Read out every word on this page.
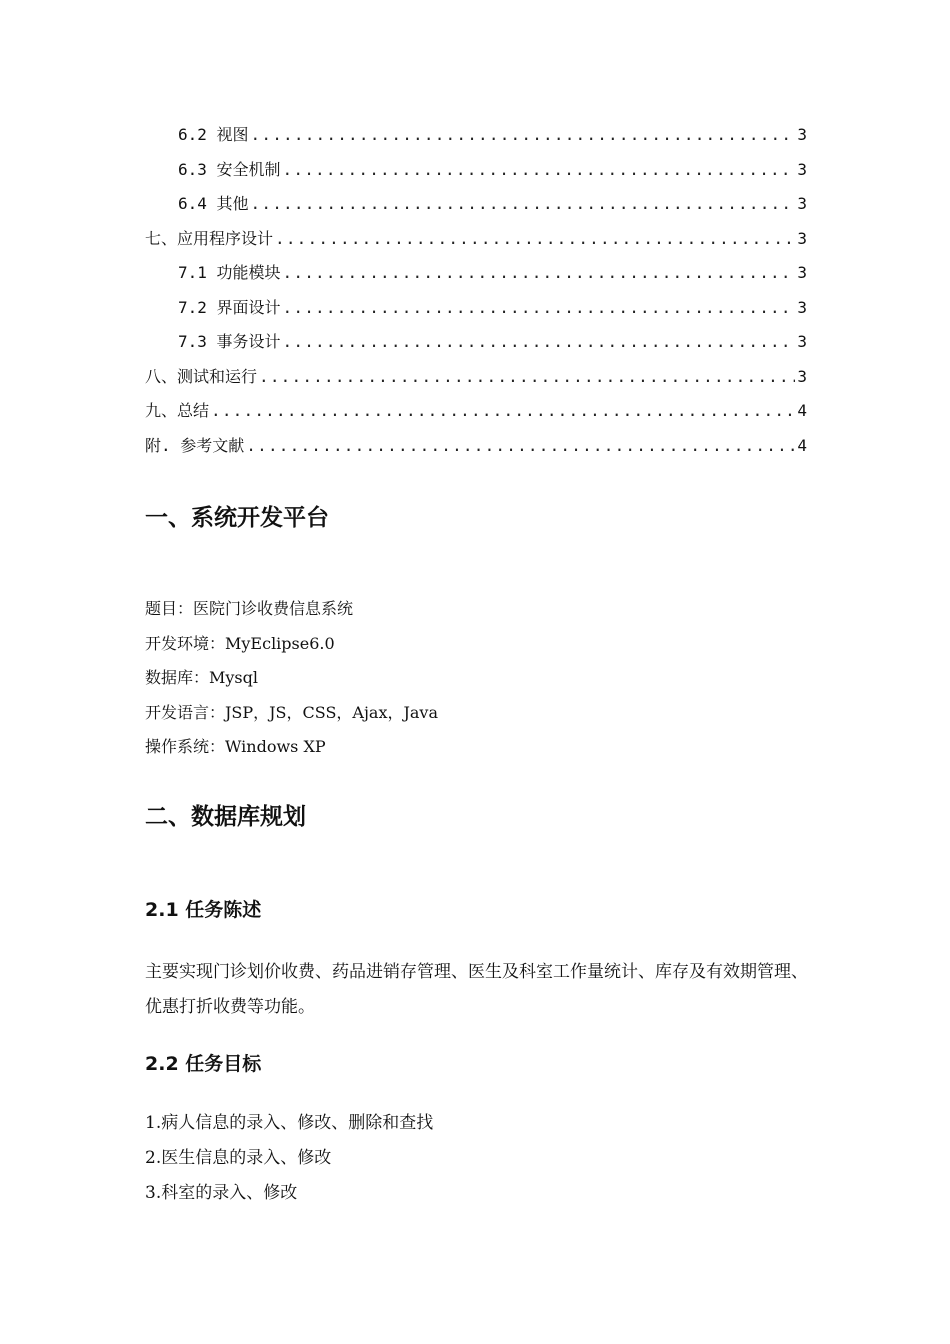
6.2 视图 .....	3
6.3 安全机制 .....	3
6.4 其他 .....	3
七、应用程序设计 .....	3
7.1 功能模块 .....	3
7.2 界面设计 .....	3
7.3 事务设计 .....	3
八、测试和运行 .....	3
九、总结 .....	4
附. 参考文献 .....	4
一、系统开发平台
题目：医院门诊收费信息系统
开发环境：MyEclipse6.0
数据库：Mysql
开发语言：JSP，JS，CSS，Ajax，Java
操作系统：Windows XP
二、数据库规划
2.1 任务陈述
主要实现门诊划价收费、药品进销存管理、医生及科室工作量统计、库存及有效期管理、优惠打折收费等功能。
2.2 任务目标
1.病人信息的录入、修改、删除和查找
2.医生信息的录入、修改
3.科室的录入、修改
